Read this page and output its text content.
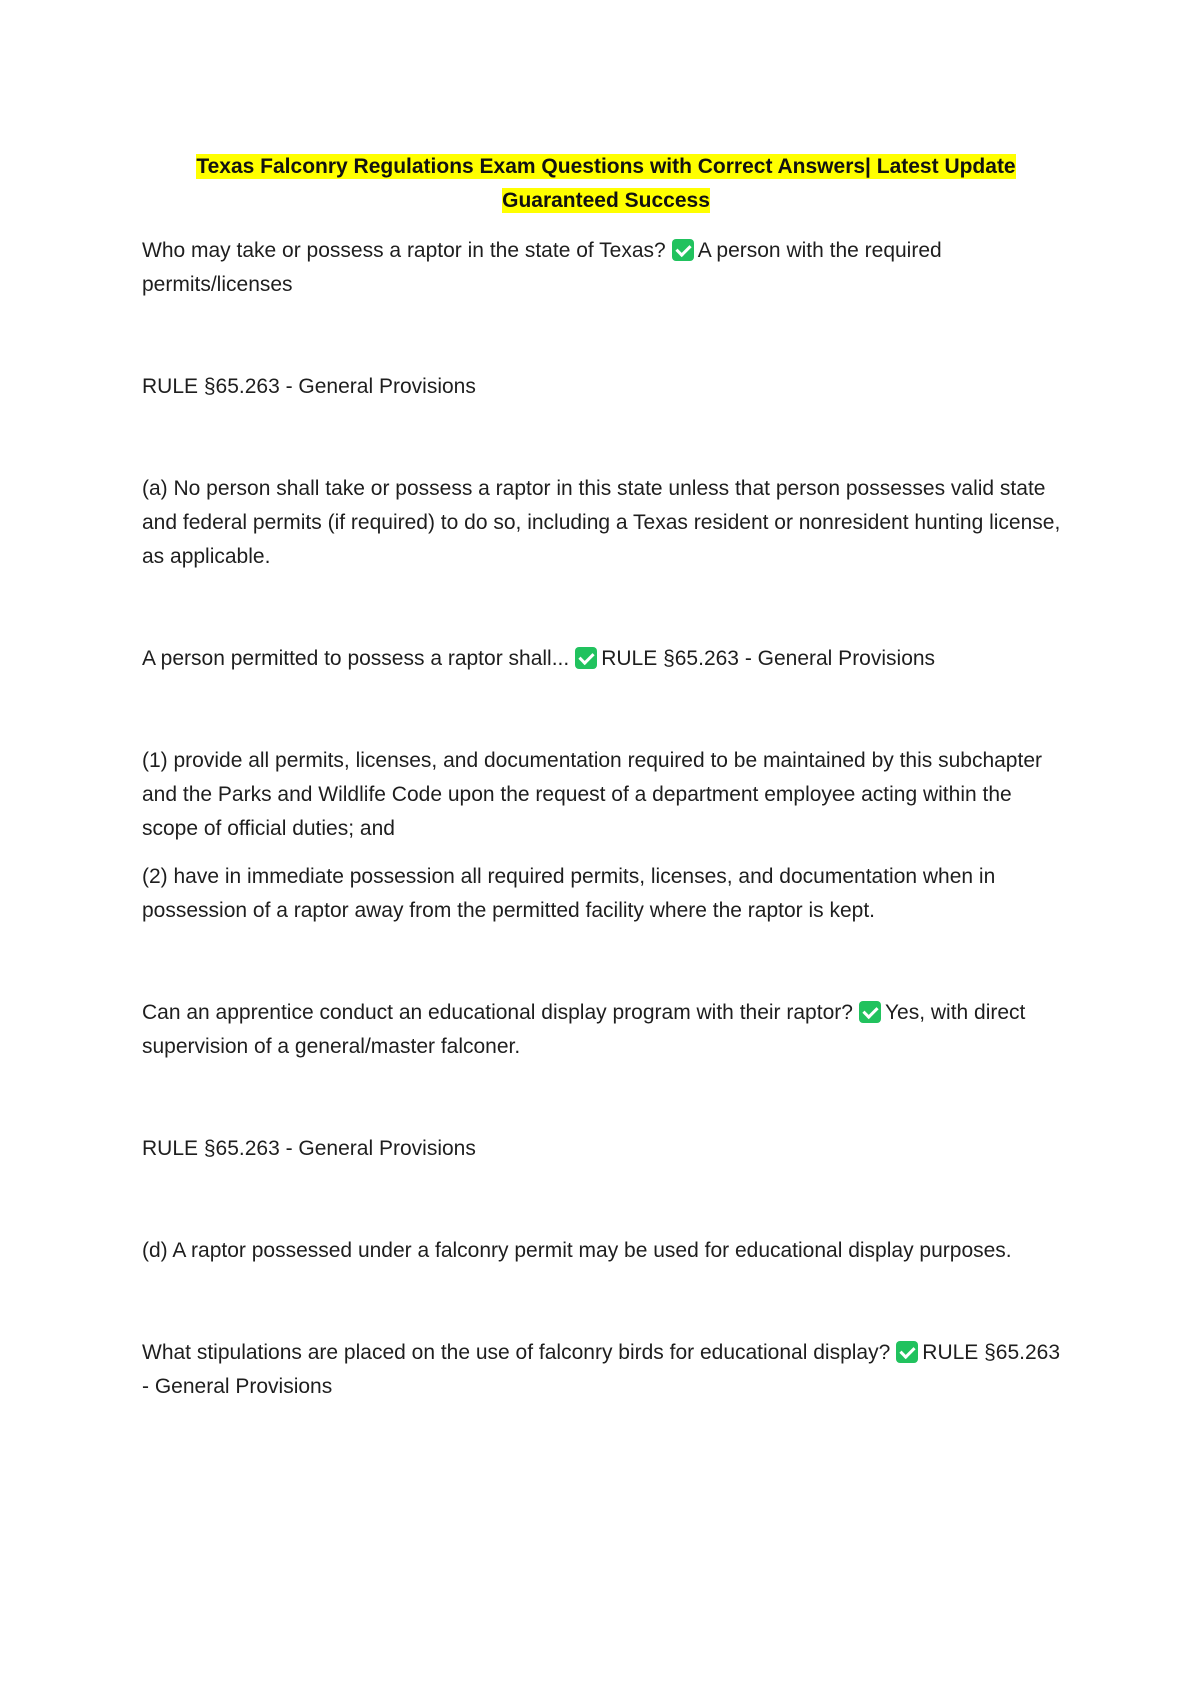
Texas Falconry Regulations Exam Questions with Correct Answers| Latest Update Guaranteed Success

Who may take or possess a raptor in the state of Texas? A person with the required permits/licenses

RULE §65.263 - General Provisions

(a) No person shall take or possess a raptor in this state unless that person possesses valid state and federal permits (if required) to do so, including a Texas resident or nonresident hunting license, as applicable.

A person permitted to possess a raptor shall... RULE §65.263 - General Provisions

(1) provide all permits, licenses, and documentation required to be maintained by this subchapter and the Parks and Wildlife Code upon the request of a department employee acting within the scope of official duties; and

(2) have in immediate possession all required permits, licenses, and documentation when in possession of a raptor away from the permitted facility where the raptor is kept.

Can an apprentice conduct an educational display program with their raptor? Yes, with direct supervision of a general/master falconer.

RULE §65.263 - General Provisions

(d) A raptor possessed under a falconry permit may be used for educational display purposes.

What stipulations are placed on the use of falconry birds for educational display? RULE §65.263 - General Provisions
